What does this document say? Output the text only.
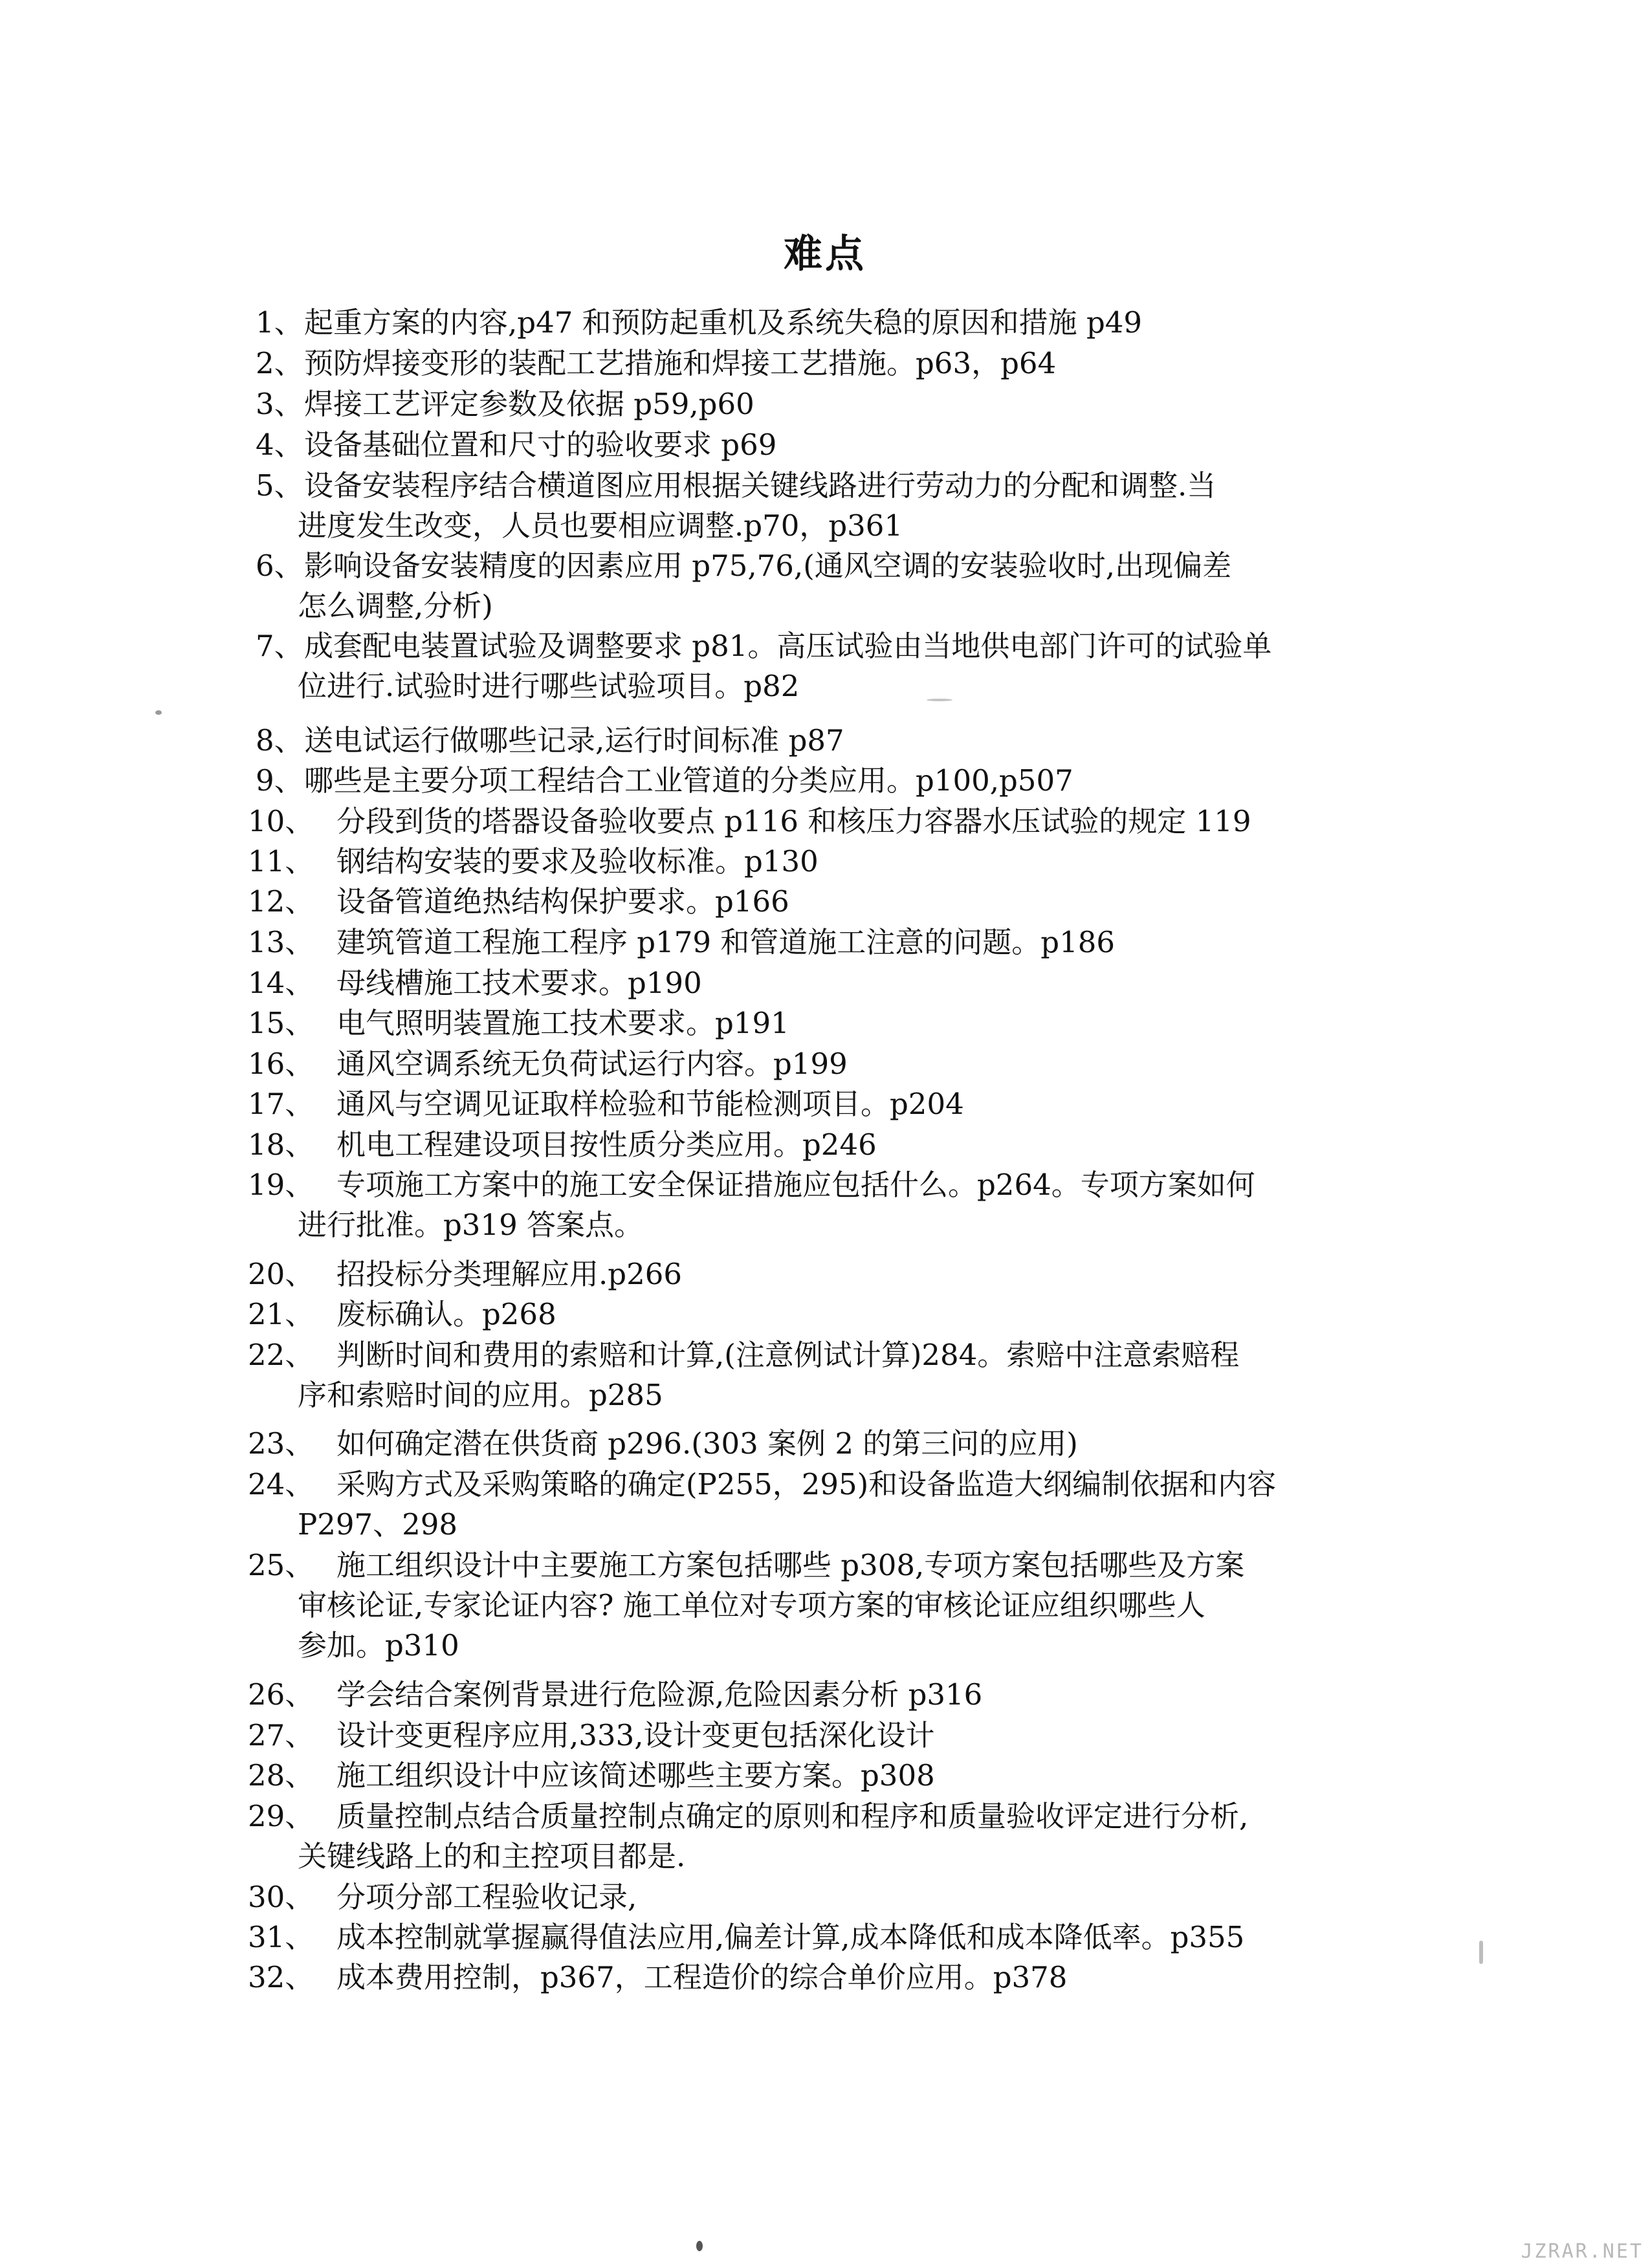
难点
1、 起重方案的内容,p47 和预防起重机及系统失稳的原因和措施 p49
2、 预防焊接变形的装配工艺措施和焊接工艺措施。p63，p64
3、 焊接工艺评定参数及依据 p59,p60
4、 设备基础位置和尺寸的验收要求 p69
5、 设备安装程序结合横道图应用根据关键线路进行劳动力的分配和调整.当
进度发生改变，人员也要相应调整.p70，p361
6、 影响设备安装精度的因素应用 p75,76,(通风空调的安装验收时,出现偏差
怎么调整,分析)
7、 成套配电装置试验及调整要求 p81。高压试验由当地供电部门许可的试验单
位进行.试验时进行哪些试验项目。p82
8、 送电试运行做哪些记录,运行时间标准 p87
9、 哪些是主要分项工程结合工业管道的分类应用。p100,p507
10、 分段到货的塔器设备验收要点 p116 和核压力容器水压试验的规定 119
11、 钢结构安装的要求及验收标准。p130
12、 设备管道绝热结构保护要求。p166
13、 建筑管道工程施工程序 p179 和管道施工注意的问题。p186
14、 母线槽施工技术要求。p190
15、 电气照明装置施工技术要求。p191
16、 通风空调系统无负荷试运行内容。p199
17、 通风与空调见证取样检验和节能检测项目。p204
18、 机电工程建设项目按性质分类应用。p246
19、 专项施工方案中的施工安全保证措施应包括什么。p264。专项方案如何
进行批准。p319 答案点。
20、 招投标分类理解应用.p266
21、 废标确认。p268
22、 判断时间和费用的索赔和计算,(注意例试计算)284。索赔中注意索赔程
序和索赔时间的应用。p285
23、 如何确定潜在供货商 p296.(303 案例 2 的第三问的应用)
24、 采购方式及采购策略的确定(P255，295)和设备监造大纲编制依据和内容
P297、298
25、 施工组织设计中主要施工方案包括哪些 p308,专项方案包括哪些及方案
审核论证,专家论证内容? 施工单位对专项方案的审核论证应组织哪些人
参加。p310
26、 学会结合案例背景进行危险源,危险因素分析 p316
27、 设计变更程序应用,333,设计变更包括深化设计
28、 施工组织设计中应该简述哪些主要方案。p308
29、 质量控制点结合质量控制点确定的原则和程序和质量验收评定进行分析,
关键线路上的和主控项目都是.
30、 分项分部工程验收记录,
31、 成本控制就掌握赢得值法应用,偏差计算,成本降低和成本降低率。p355
32、 成本费用控制，p367，工程造价的综合单价应用。p378
JZRAR.NET
